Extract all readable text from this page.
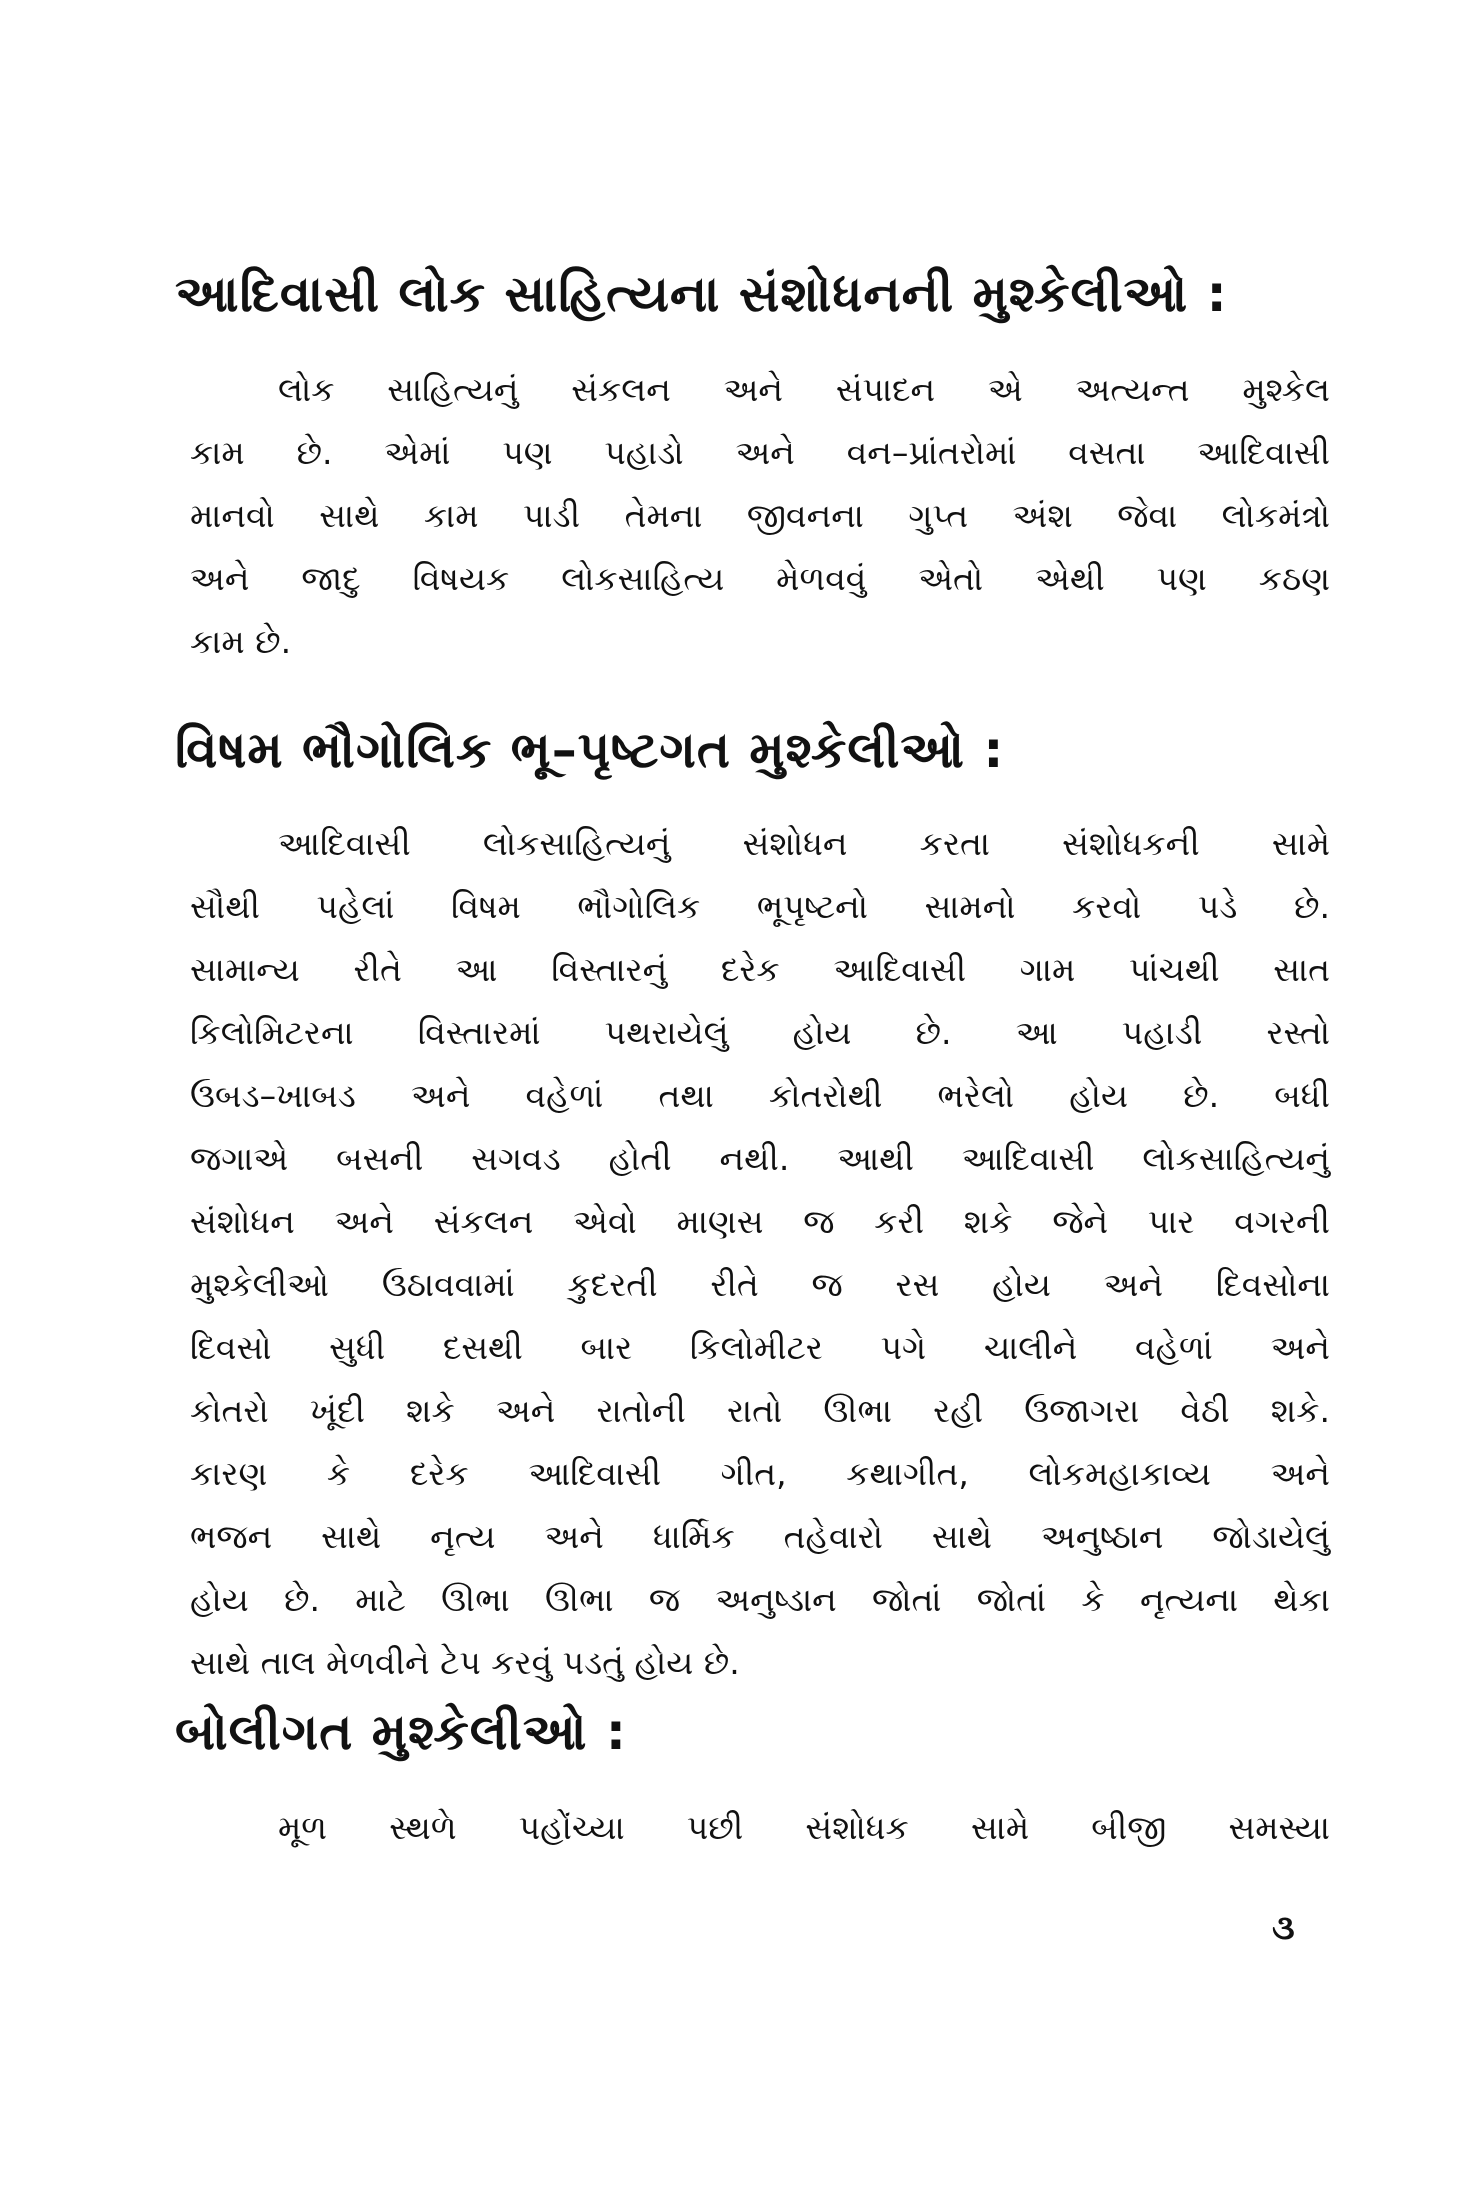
આદિવાસી લોક સાહિત્યના સંશોધનની મુશ્કેલીઓ :
લોક સાહિત્યનું સંકલન અને સંપાદન એ અત્યન્ત મુશ્કેલ
કામ છે. એમાં પણ પહાડો અને વન–પ્રાંતરોમાં વસતા આદિવાસી
માનવો સાથે કામ પાડી તેમના જીવનના ગુપ્ત અંશ જેવા લોકમંત્રો
અને જાદુ વિષયક લોકસાહિત્ય મેળવવું એતો એથી પણ કઠણ
કામ છે.
વિષમ ભૌગોલિક ભૂ–પૃષ્ટગત મુશ્કેલીઓ :
આદિવાસી લોકસાહિત્યનું સંશોધન કરતા સંશોધકની સામે
સૌથી પહેલાં વિષમ ભૌગોલિક ભૂપૃષ્ટનો સામનો કરવો પડે છે.
સામાન્ય રીતે આ વિસ્તારનું દરેક આદિવાસી ગામ પાંચથી સાત
કિલોમિટરના વિસ્તારમાં પથરાયેલું હોય છે. આ પહાડી રસ્તો
ઉબડ–ખાબડ અને વહેળાં તથા કોતરોથી ભરેલો હોય છે. બધી
જગાએ બસની સગવડ હોતી નથી. આથી આદિવાસી લોકસાહિત્યનું
સંશોધન અને સંકલન એવો માણસ જ કરી શકે જેને પાર વગરની
મુશ્કેલીઓ ઉઠાવવામાં કુદરતી રીતે જ રસ હોય અને દિવસોના
દિવસો સુધી દસથી બાર કિલોમીટર પગે ચાલીને વહેળાં અને
કોતરો ખૂંદી શકે અને રાતોની રાતો ઊભા રહી ઉજાગરા વેઠી શકે.
કારણ કે દરેક આદિવાસી ગીત, કથાગીત, લોકમહાકાવ્ય અને
ભજન સાથે નૃત્ય અને ધાર્મિક તહેવારો સાથે અનુષ્ઠાન જોડાયેલું
હોય છે. માટે ઊભા ઊભા જ અનુષ્ડાન જોતાં જોતાં કે નૃત્યના થેકા
સાથે તાલ મેળવીને ટેપ કરવું પડતું હોય છે.
બોલીગત મુશ્કેલીઓ :
મૂળ સ્થળે પહોંચ્યા પછી સંશોધક સામે બીજી સમસ્યા
૩
